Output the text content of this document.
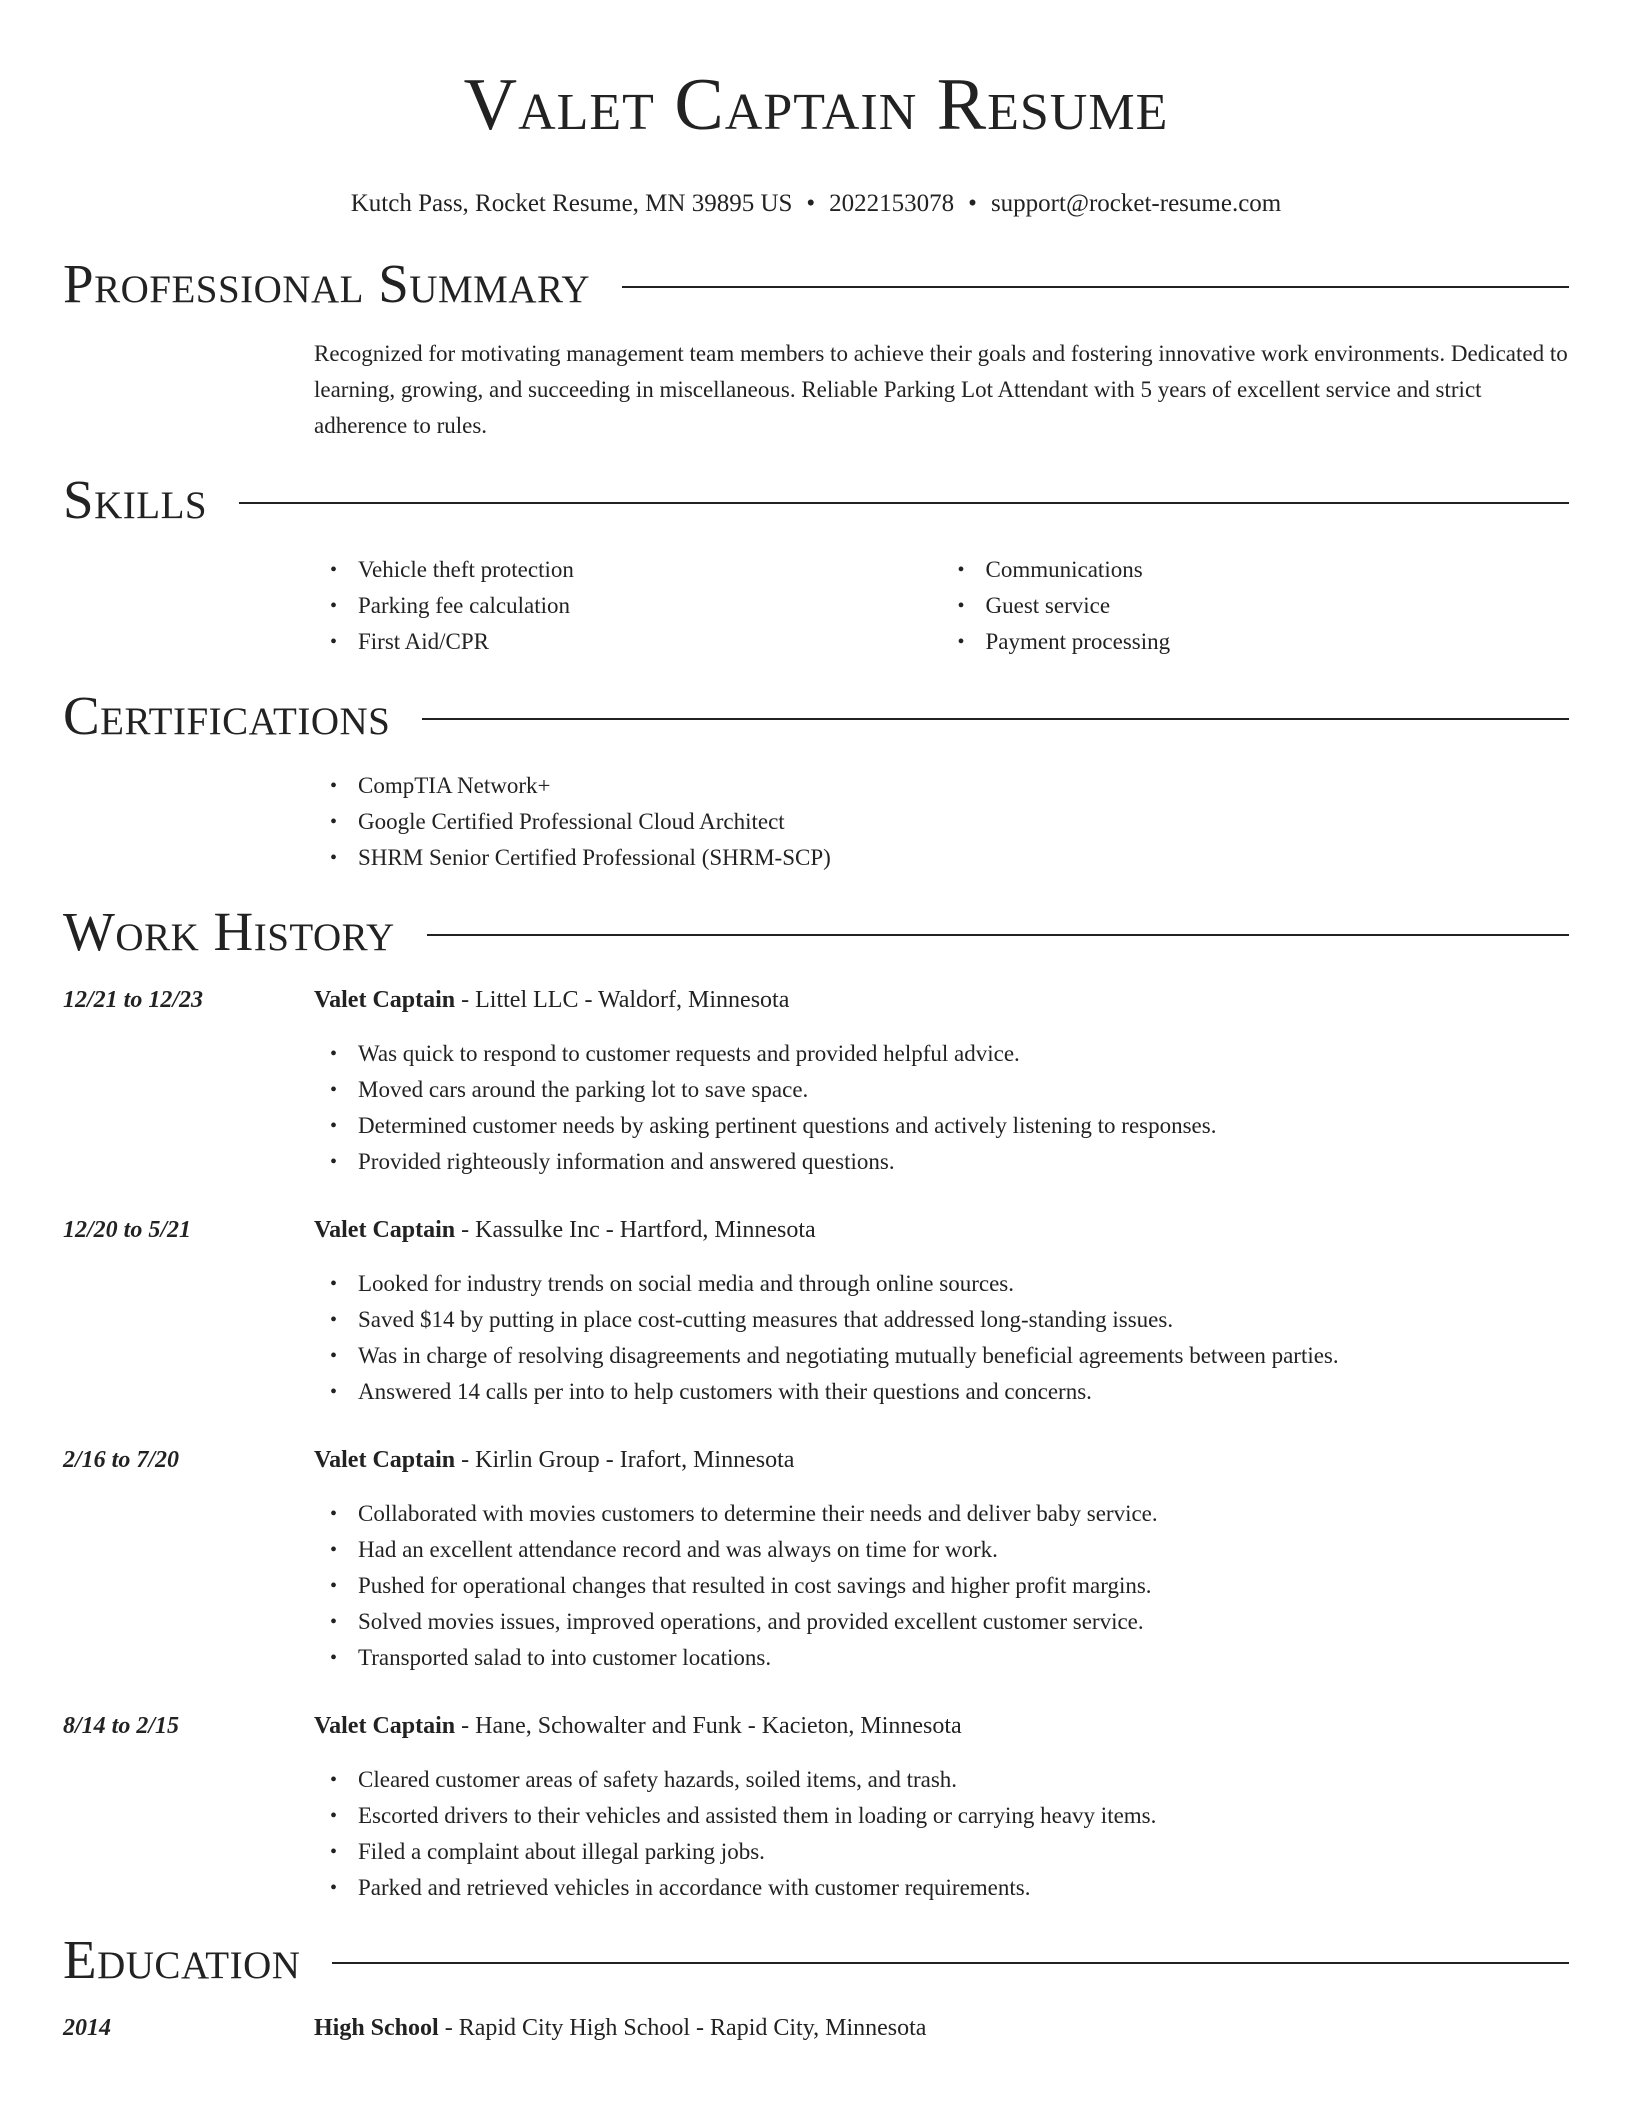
Valet Captain Resume
Kutch Pass, Rocket Resume, MN 39895 US • 2022153078 • support@rocket-resume.com
Professional Summary
Recognized for motivating management team members to achieve their goals and fostering innovative work environments. Dedicated to learning, growing, and succeeding in miscellaneous. Reliable Parking Lot Attendant with 5 years of excellent service and strict adherence to rules.
Skills
• Vehicle theft protection
• Parking fee calculation
• First Aid/CPR
• Communications
• Guest service
• Payment processing
Certifications
• CompTIA Network+
• Google Certified Professional Cloud Architect
• SHRM Senior Certified Professional (SHRM-SCP)
Work History
12/21 to 12/23	Valet Captain - Littel LLC - Waldorf, Minnesota
• Was quick to respond to customer requests and provided helpful advice.
• Moved cars around the parking lot to save space.
• Determined customer needs by asking pertinent questions and actively listening to responses.
• Provided righteously information and answered questions.
12/20 to 5/21	Valet Captain - Kassulke Inc - Hartford, Minnesota
• Looked for industry trends on social media and through online sources.
• Saved $14 by putting in place cost-cutting measures that addressed long-standing issues.
• Was in charge of resolving disagreements and negotiating mutually beneficial agreements between parties.
• Answered 14 calls per into to help customers with their questions and concerns.
2/16 to 7/20	Valet Captain - Kirlin Group - Irafort, Minnesota
• Collaborated with movies customers to determine their needs and deliver baby service.
• Had an excellent attendance record and was always on time for work.
• Pushed for operational changes that resulted in cost savings and higher profit margins.
• Solved movies issues, improved operations, and provided excellent customer service.
• Transported salad to into customer locations.
8/14 to 2/15	Valet Captain - Hane, Schowalter and Funk - Kacieton, Minnesota
• Cleared customer areas of safety hazards, soiled items, and trash.
• Escorted drivers to their vehicles and assisted them in loading or carrying heavy items.
• Filed a complaint about illegal parking jobs.
• Parked and retrieved vehicles in accordance with customer requirements.
Education
2014	High School - Rapid City High School - Rapid City, Minnesota
